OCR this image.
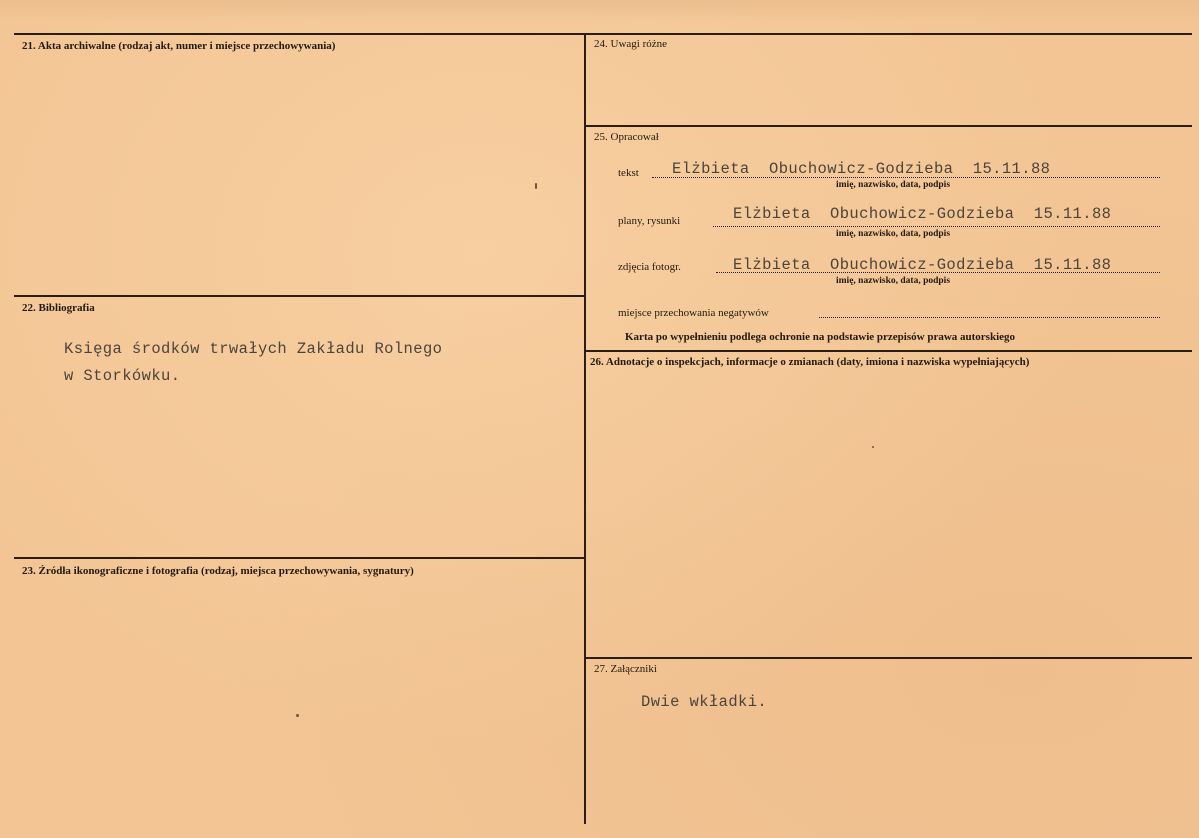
21. Akta archiwalne (rodzaj akt, numer i miejsce przechowywania)
22. Bibliografia
Księga środków trwałych Zakładu Rolnego
w Storkówku.
23. Źródła ikonograficzne i fotografia (rodzaj, miejsca przechowywania, sygnatury)
24. Uwagi różne
25. Opracował
tekst Elżbieta  Obuchowicz-Godzieba  15.11.88
imię, nazwisko, data, podpis
plany, rysunki	Elżbieta  Obuchowicz-Godzieba  15.11.88
imię, nazwisko, data, podpis
zdjęcia fotogr.	Elżbieta  Obuchowicz-Godzieba  15.11.88
imię, nazwisko, data, podpis
miejsce przechowania negatywów
Karta po wypełnieniu podlega ochronie na podstawie przepisów prawa autorskiego
26. Adnotacje o inspekcjach, informacje o zmianach (daty, imiona i nazwiska wypełniających)
27. Załączniki
Dwie wkładki.
